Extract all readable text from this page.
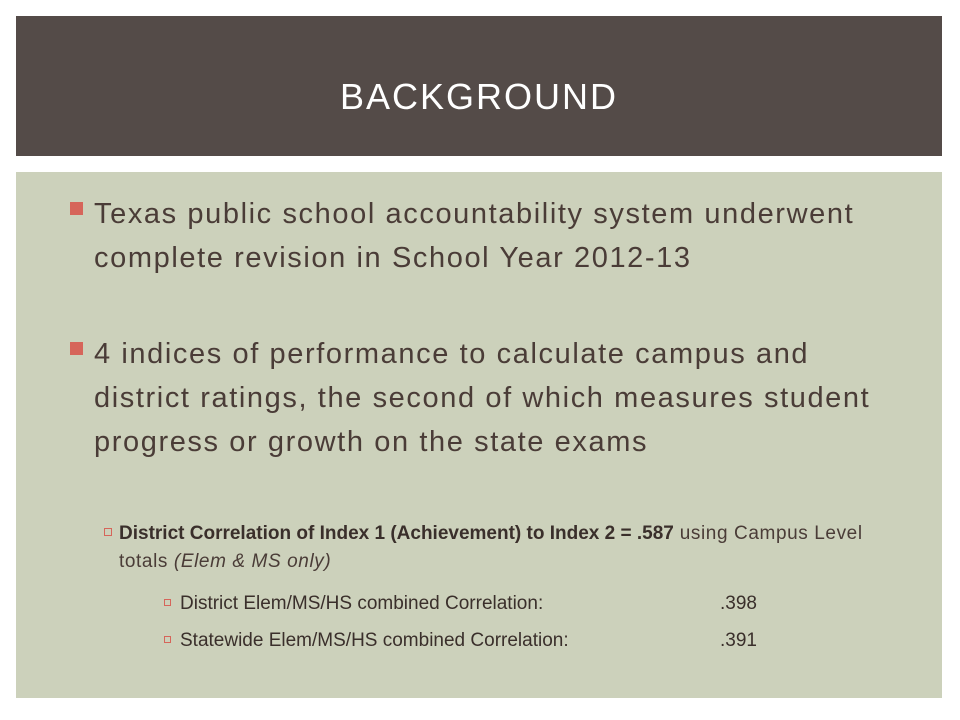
BACKGROUND
Texas public school accountability system underwent complete revision in School Year 2012-13
4 indices of performance to calculate campus and district ratings, the second of which measures student progress or growth on the state exams
District Correlation of Index 1 (Achievement) to Index 2 = .587 using Campus Level totals (Elem & MS only)
District Elem/MS/HS combined Correlation:	.398
Statewide Elem/MS/HS combined Correlation:	.391
